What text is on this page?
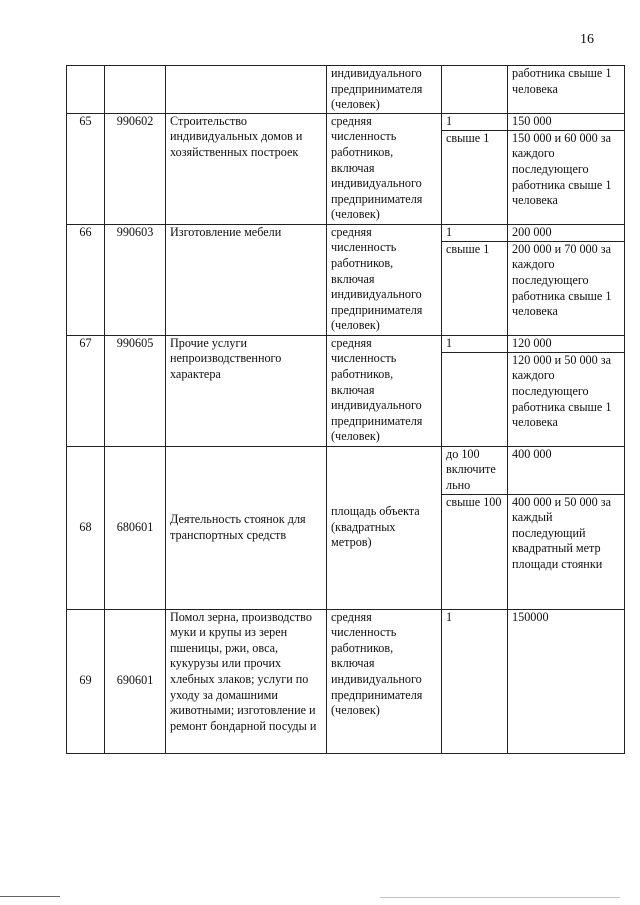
16
			индивидуального предпринимателя (человек)		работника свыше 1 человека
65	990602	Строительство индивидуальных домов и хозяйственных построек	средняя численность работников, включая индивидуального предпринимателя (человек)	1	150 000
				свыше 1	150 000 и 60 000 за каждого последующего работника свыше 1 человека
66	990603	Изготовление мебели	средняя численность работников, включая индивидуального предпринимателя (человек)	1	200 000
				свыше 1	200 000 и 70 000 за каждого последующего работника свыше 1 человека
67	990605	Прочие услуги непроизводственного характера	средняя численность работников, включая индивидуального предпринимателя (человек)	1	120 000
					120 000 и 50 000 за каждого последующего работника свыше 1 человека
68	680601	Деятельность стоянок для транспортных средств	площадь объекта (квадратных метров)	до 100 включите льно	400 000
				свыше 100	400 000 и 50 000 за каждый последующий квадратный метр площади стоянки
69	690601	Помол зерна, производство муки и крупы из зерен пшеницы, ржи, овса, кукурузы или прочих хлебных злаков; услуги по уходу за домашними животными; изготовление и ремонт бондарной посуды и	средняя численность работников, включая индивидуального предпринимателя (человек)	1	150000
